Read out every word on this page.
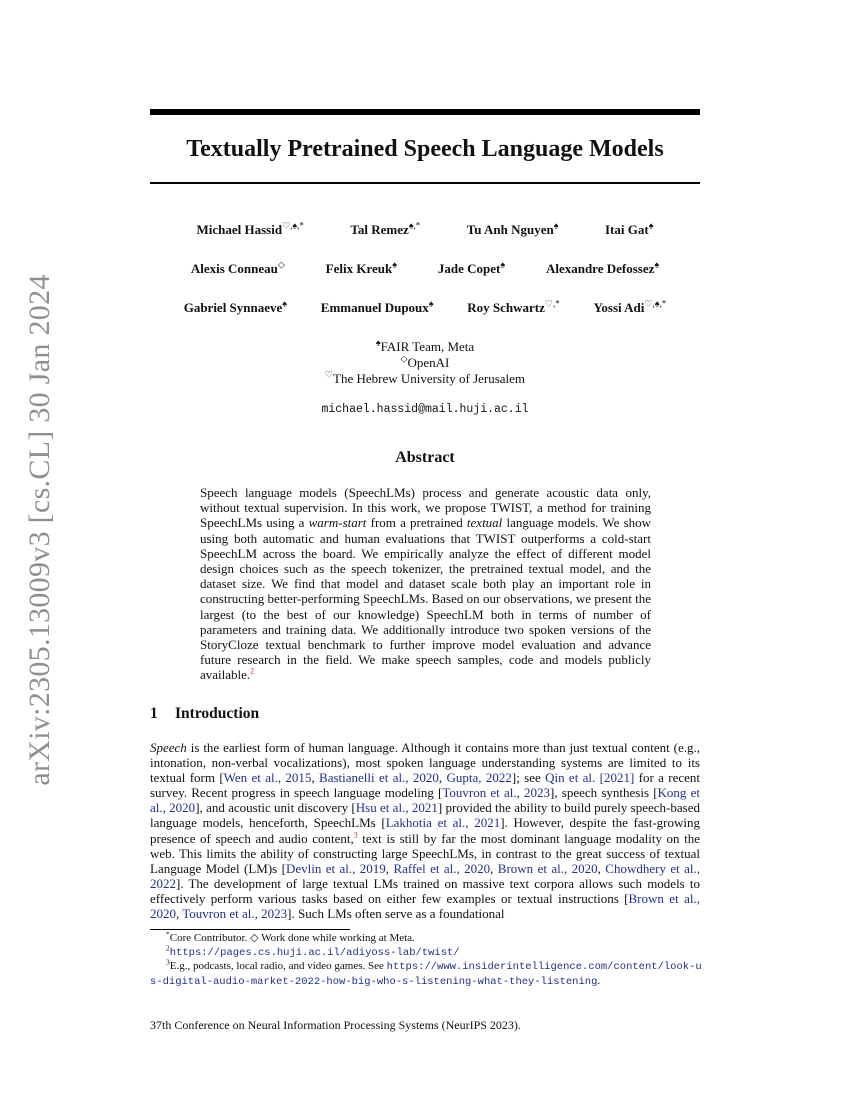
arXiv:2305.13009v3 [cs.CL] 30 Jan 2024
Textually Pretrained Speech Language Models
Michael Hassid♡,♠,*	Tal Remez♠,*	Tu Anh Nguyen♠	Itai Gat♠
Alexis Conneau◇	Felix Kreuk♠	Jade Copet♠	Alexandre Defossez♠
Gabriel Synnaeve♠	Emmanuel Dupoux♠	Roy Schwartz♡,*	Yossi Adi♡,♠,*
♠FAIR Team, Meta
◇OpenAI
♡The Hebrew University of Jerusalem
michael.hassid@mail.huji.ac.il
Abstract

Speech language models (SpeechLMs) process and generate acoustic data only, without textual supervision. In this work, we propose TWIST, a method for training SpeechLMs using a warm-start from a pretrained textual language models. We show using both automatic and human evaluations that TWIST outperforms a cold-start SpeechLM across the board. We empirically analyze the effect of different model design choices such as the speech tokenizer, the pretrained textual model, and the dataset size. We find that model and dataset scale both play an important role in constructing better-performing SpeechLMs. Based on our observations, we present the largest (to the best of our knowledge) SpeechLM both in terms of number of parameters and training data. We additionally introduce two spoken versions of the StoryCloze textual benchmark to further improve model evaluation and advance future research in the field. We make speech samples, code and models publicly available.$^2$

1 Introduction

Speech is the earliest form of human language. Although it contains more than just textual content (e.g., intonation, non-verbal vocalizations), most spoken language understanding systems are limited to its textual form [Wen et al., 2015, Bastianelli et al., 2020, Gupta, 2022]; see Qin et al. [2021] for a recent survey. Recent progress in speech language modeling [Touvron et al., 2023], speech synthesis [Kong et al., 2020], and acoustic unit discovery [Hsu et al., 2021] provided the ability to build purely speech-based language models, henceforth, SpeechLMs [Lakhotia et al., 2021]. However, despite the fast-growing presence of speech and audio content,$^3$ text is still by far the most dominant language modality on the web. This limits the ability of constructing large SpeechLMs, in contrast to the great success of textual Language Model (LM)s [Devlin et al., 2019, Raffel et al., 2020, Brown et al., 2020, Chowdhery et al., 2022]. The development of large textual LMs trained on massive text corpora allows such models to effectively perform various tasks based on either few examples or textual instructions [Brown et al., 2020, Touvron et al., 2023]. Such LMs often serve as a foundational

*Core Contributor. ◇ Work done while working at Meta.

$^2$https://pages.cs.huji.ac.il/adiyoss-lab/twist/

$^3$E.g., podcasts, local radio, and video games. See https://www.insiderintelligence.com/content/look-us-digital-audio-market-2022-how-big-who-s-listening-what-they-listening.

37th Conference on Neural Information Processing Systems (NeurIPS 2023).
